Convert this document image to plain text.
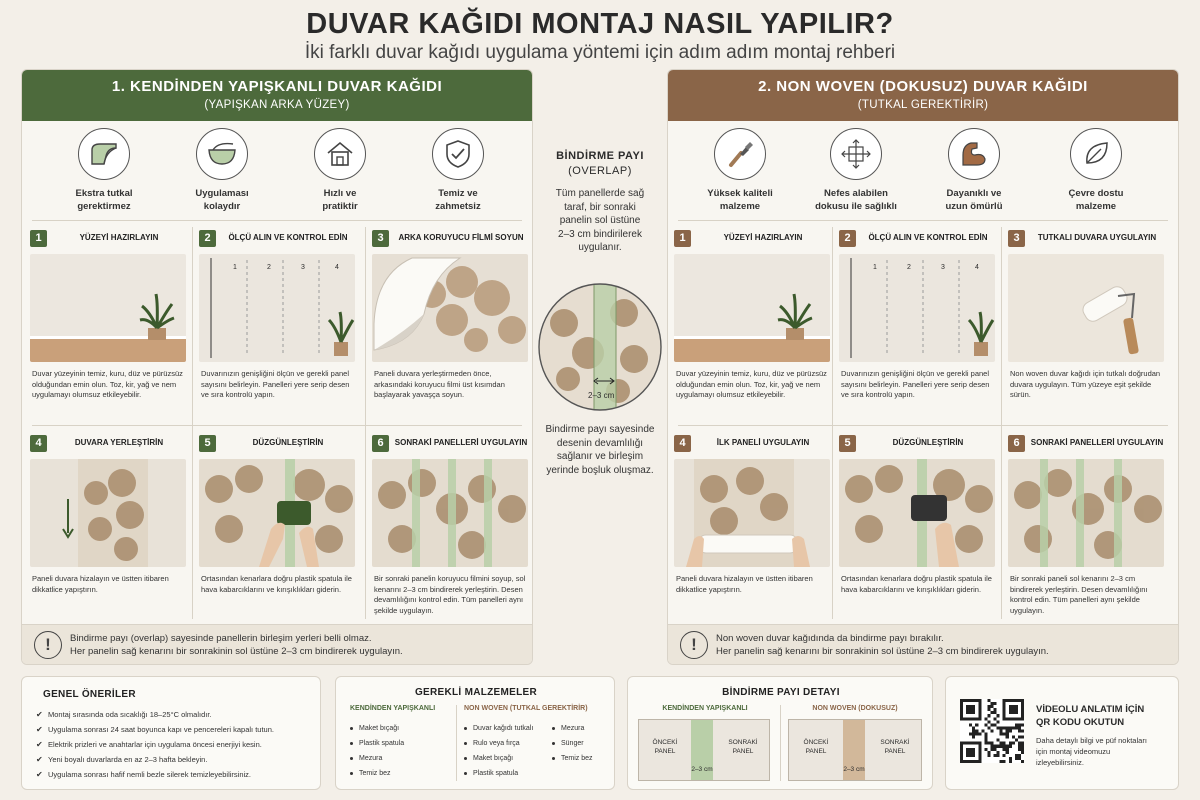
DUVAR KAĞIDI MONTAJ NASIL YAPILIR?
İki farklı duvar kağıdı uygulama yöntemi için adım adım montaj rehberi
1. KENDİNDEN YAPIŞKANLI DUVAR KAĞIDI
(YAPIŞKAN ARKA YÜZEY)
Ekstra tutkal
gerektirmez
Uygulaması
kolaydır
Hızlı ve
pratiktir
Temiz ve
zahmetsiz
1	YÜZEYİ HAZIRLAYIN
Duvar yüzeyinin temiz, kuru, düz ve pürüzsüz olduğundan emin olun. Toz, kir, yağ ve nem uygulamayı olumsuz etkileyebilir.
2	ÖLÇÜ ALIN VE KONTROL EDİN
1	2	3	4
Duvarınızın genişliğini ölçün ve gerekli panel sayısını belirleyin. Panelleri yere serip desen ve sıra kontrolü yapın.
3	ARKA KORUYUCU FİLMİ SOYUN
Paneli duvara yerleştirmeden önce, arkasındaki koruyucu filmi üst kısımdan başlayarak yavaşça soyun.
4	DUVARA YERLEŞTİRİN
Paneli duvara hizalayın ve üstten itibaren dikkatlice yapıştırın.
5	DÜZGÜNLEŞTİRİN
Ortasından kenarlara doğru plastik spatula ile hava kabarcıklarını ve kırışıklıkları giderin.
6	SONRAKİ PANELLERİ UYGULAYIN
Bir sonraki panelin koruyucu filmini soyup, sol kenarını 2–3 cm bindirerek yerleştirin. Desen devamlılığını kontrol edin. Tüm panelleri aynı şekilde uygulayın.
!	Bindirme payı (overlap) sayesinde panellerin birleşim yerleri belli olmaz.
Her panelin sağ kenarını bir sonrakinin sol üstüne 2–3 cm bindirerek uygulayın.
BİNDİRME PAYI
(OVERLAP)
Tüm panellerde sağ
taraf, bir sonraki
panelin sol üstüne
2–3 cm bindirilerek
uygulanır.
2–3 cm
Bindirme payı sayesinde
desenin devamlılığı
sağlanır ve birleşim
yerinde boşluk oluşmaz.
2. NON WOVEN (DOKUSUZ) DUVAR KAĞIDI
(TUTKAL GEREKTİRİR)
Yüksek kaliteli
malzeme
Nefes alabilen
dokusu ile sağlıklı
Dayanıklı ve
uzun ömürlü
Çevre dostu
malzeme
1	YÜZEYİ HAZIRLAYIN
Duvar yüzeyinin temiz, kuru, düz ve pürüzsüz olduğundan emin olun. Toz, kir, yağ ve nem uygulamayı olumsuz etkileyebilir.
2	ÖLÇÜ ALIN VE KONTROL EDİN
1	2	3	4
Duvarınızın genişliğini ölçün ve gerekli panel sayısını belirleyin. Panelleri yere serip desen ve sıra kontrolü yapın.
3	TUTKALI DUVARA UYGULAYIN
Non woven duvar kağıdı için tutkalı doğrudan duvara uygulayın. Tüm yüzeye eşit şekilde sürün.
4	İLK PANELİ UYGULAYIN
Paneli duvara hizalayın ve üstten itibaren dikkatlice yapıştırın.
5	DÜZGÜNLEŞTİRİN
Ortasından kenarlara doğru plastik spatula ile hava kabarcıklarını ve kırışıklıkları giderin.
6	SONRAKİ PANELLERİ UYGULAYIN
Bir sonraki paneli sol kenarını 2–3 cm bindirerek yerleştirin. Desen devamlılığını kontrol edin. Tüm panelleri aynı şekilde uygulayın.
!	Non woven duvar kağıdında da bindirme payı bırakılır.
Her panelin sağ kenarını bir sonrakinin sol üstüne 2–3 cm bindirerek uygulayın.
GENEL ÖNERİLER
✔ Montaj sırasında oda sıcaklığı 18–25°C olmalıdır.
✔ Uygulama sonrası 24 saat boyunca kapı ve pencereleri kapalı tutun.
✔ Elektrik prizleri ve anahtarlar için uygulama öncesi enerjiyi kesin.
✔ Yeni boyalı duvarlarda en az 2–3 hafta bekleyin.
✔ Uygulama sonrası hafif nemli bezle silerek temizleyebilirsiniz.
GEREKLİ MALZEMELER
KENDİNDEN YAPIŞKANLI	NON WOVEN (TUTKAL GEREKTİRİR)
Maket bıçağı
Plastik spatula
Mezura
Temiz bez
Duvar kağıdı tutkalı
Rulo veya fırça
Maket bıçağı
Plastik spatula
Mezura
Sünger
Temiz bez
BİNDİRME PAYI DETAYI
KENDİNDEN YAPIŞKANLI	NON WOVEN (DOKUSUZ)
ÖNCEKİ
PANEL
SONRAKİ
PANEL
2–3 cm
ÖNCEKİ
PANEL
SONRAKİ
PANEL
2–3 cm
VİDEOLU ANLATIM İÇİN
QR KODU OKUTUN
Daha detaylı bilgi ve püf noktaları
için montaj videomuzu
izleyebilirsiniz.
